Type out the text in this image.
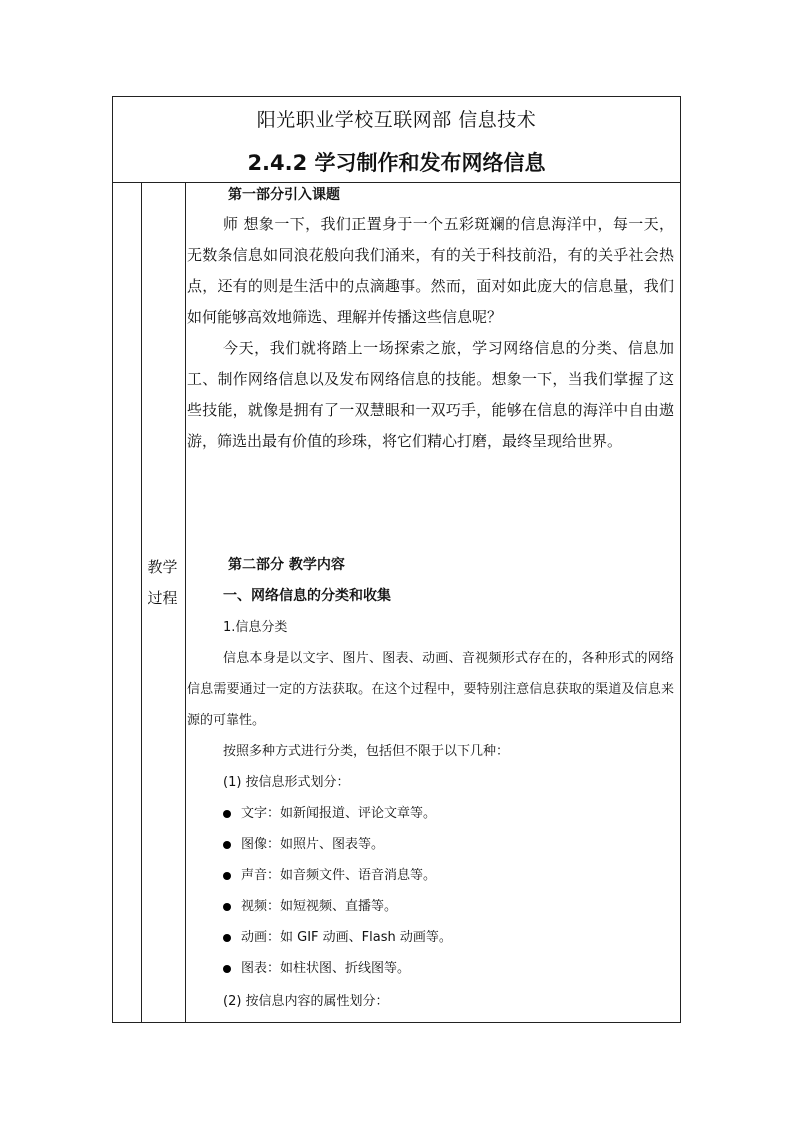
阳光职业学校互联网部 信息技术
2.4.2 学习制作和发布网络信息
教学
过程
第一部分引入课题
师 想象一下，我们正置身于一个五彩斑斓的信息海洋中，每一天，无数条信息如同浪花般向我们涌来，有的关于科技前沿，有的关乎社会热点，还有的则是生活中的点滴趣事。然而，面对如此庞大的信息量，我们如何能够高效地筛选、理解并传播这些信息呢？
今天，我们就将踏上一场探索之旅，学习网络信息的分类、信息加工、制作网络信息以及发布网络信息的技能。想象一下，当我们掌握了这些技能，就像是拥有了一双慧眼和一双巧手，能够在信息的海洋中自由遨游，筛选出最有价值的珍珠，将它们精心打磨，最终呈现给世界。
第二部分 教学内容
一、网络信息的分类和收集
1.信息分类
信息本身是以文字、图片、图表、动画、音视频形式存在的，各种形式的网络信息需要通过一定的方法获取。在这个过程中，要特别注意信息获取的渠道及信息来源的可靠性。
按照多种方式进行分类，包括但不限于以下几种：
(1) 按信息形式划分：
文字：如新闻报道、评论文章等。
图像：如照片、图表等。
声音：如音频文件、语音消息等。
视频：如短视频、直播等。
动画：如 GIF 动画、Flash 动画等。
图表：如柱状图、折线图等。
(2) 按信息内容的属性划分：
